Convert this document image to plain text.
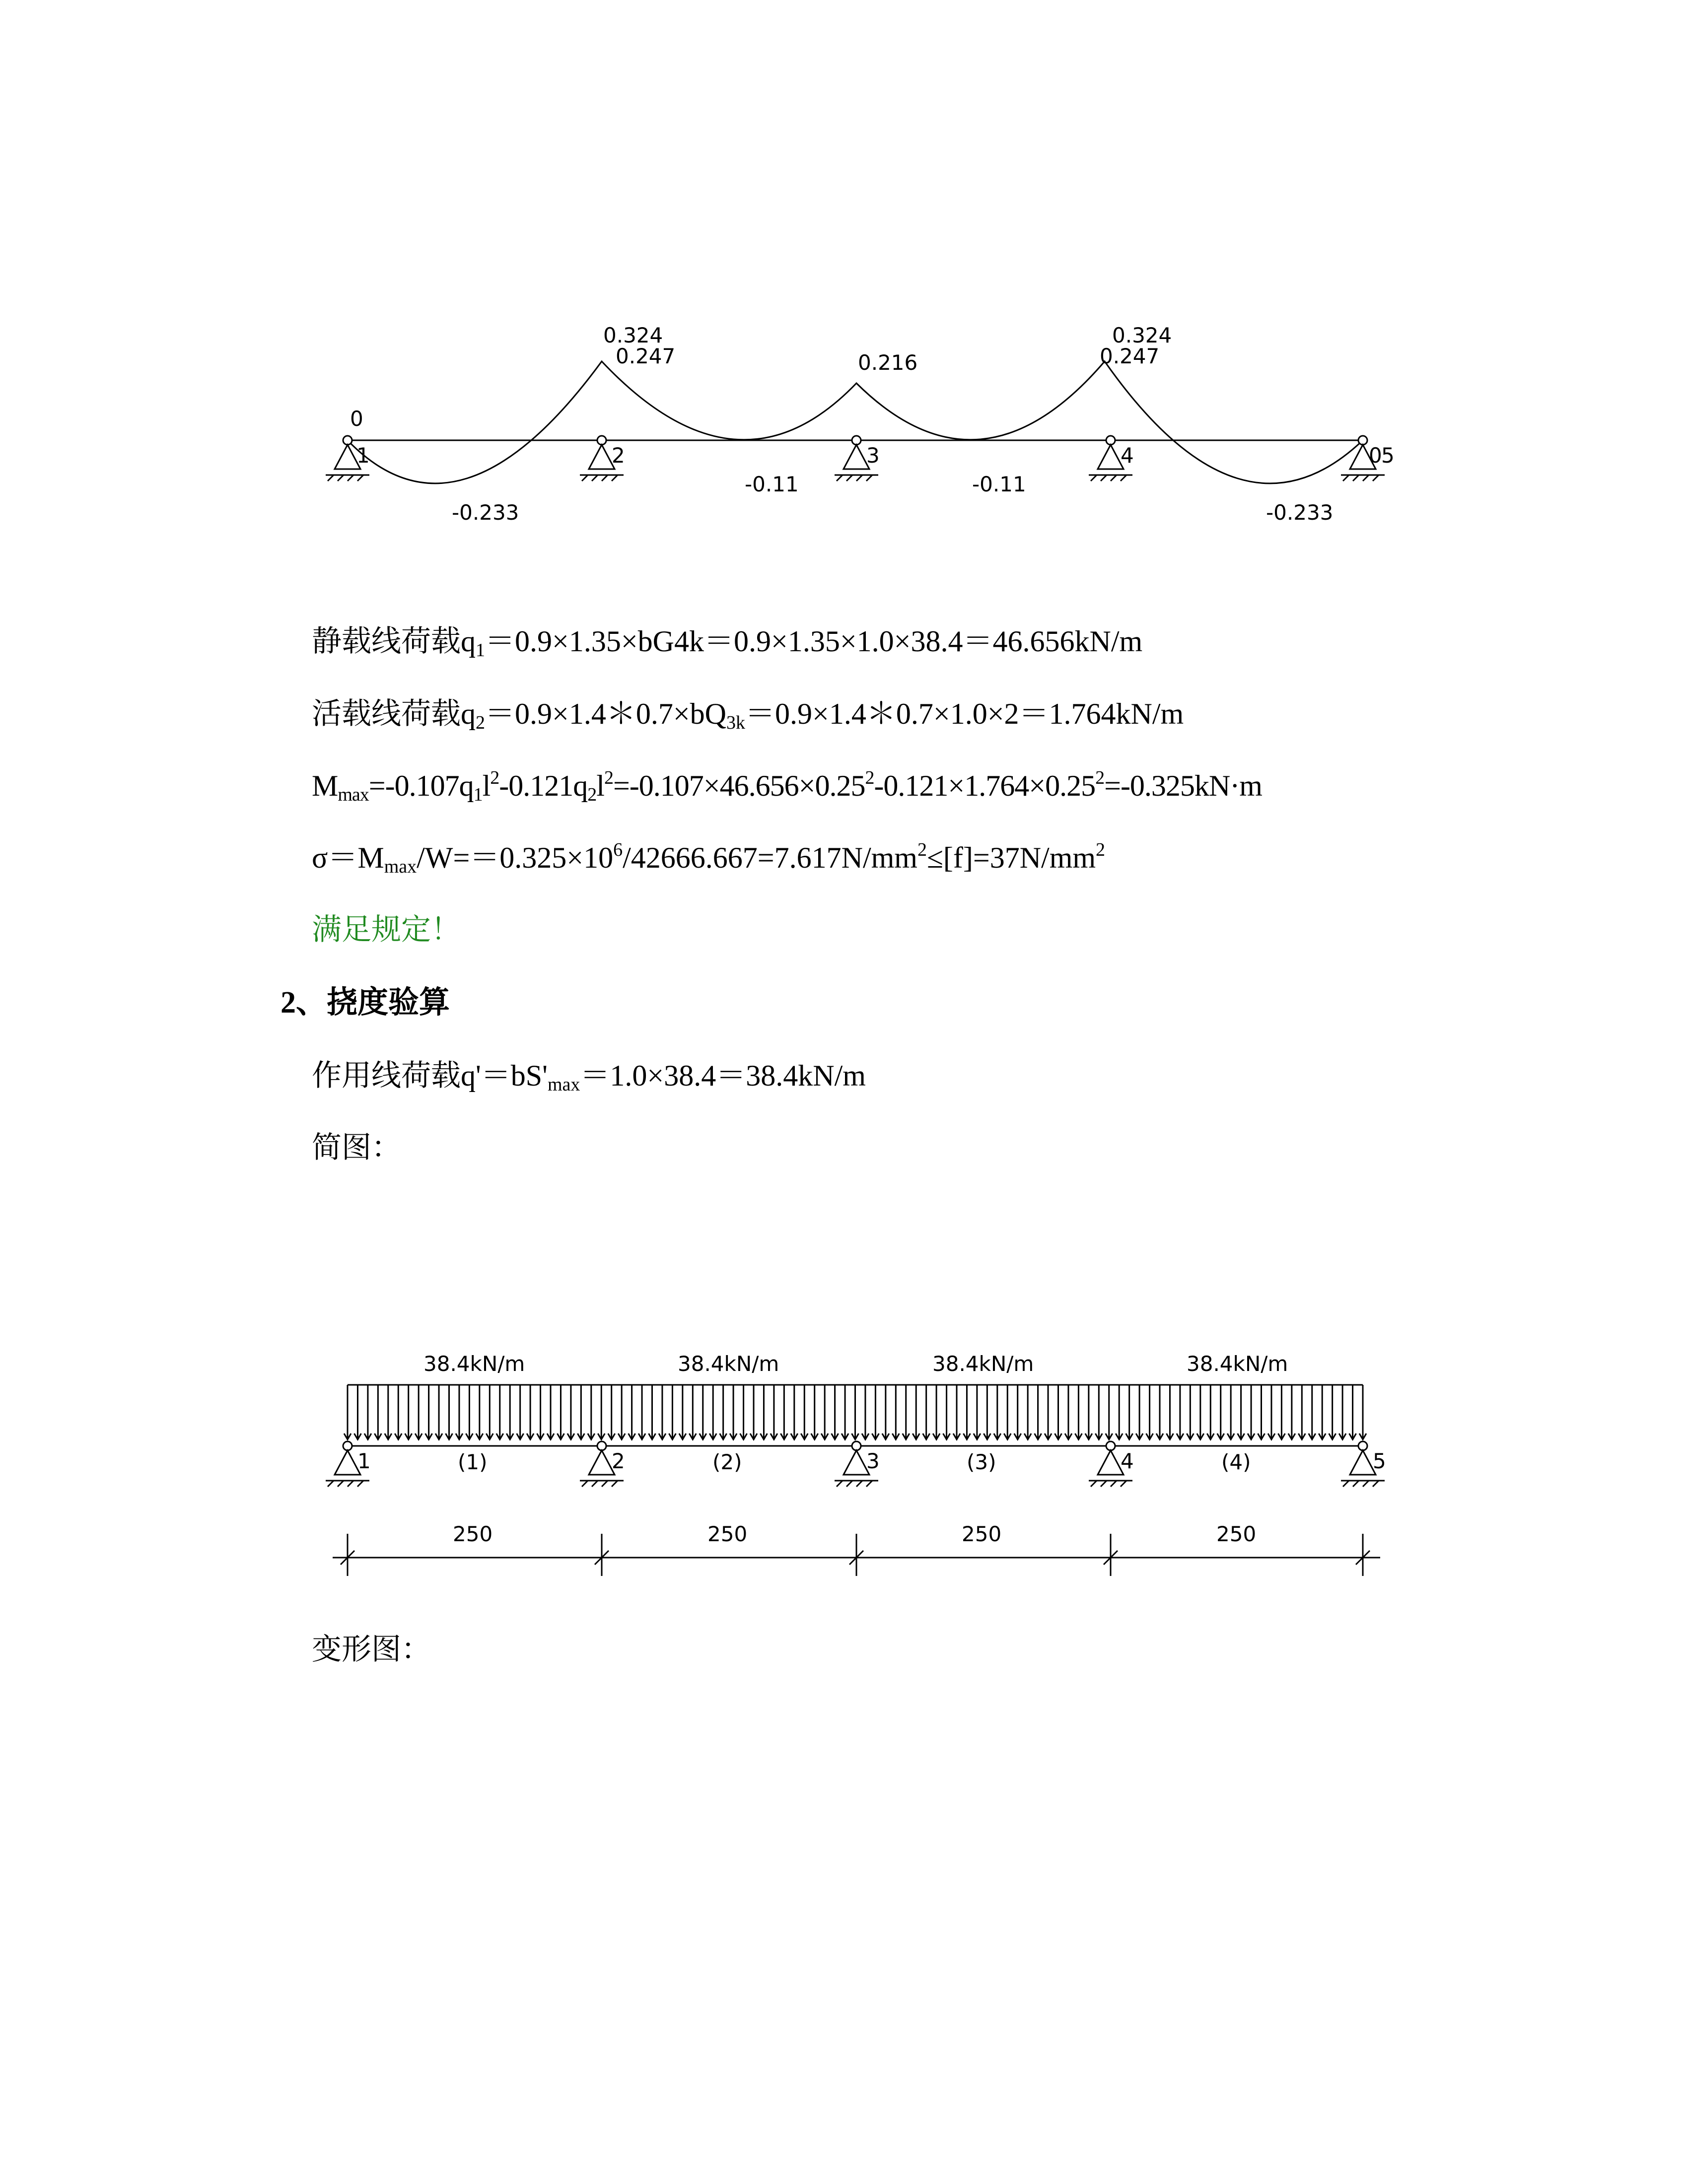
1	2	3	4	5
0
0
0.324
0.247	0.216
0.324
0.247
-0.233
-0.11	-0.11
-0.233
静载线荷载$q_1=0.9\times 1.35\times bG4k=0.9\times 1.35\times 1.0\times 38.4=46.656kN/m$
活载线荷载$q_2=0.9\times 1.4*0.7\times bQ_{3k}=0.9\times 1.4*0.7\times 1.0\times 2=1.764kN/m$
$M_{max}=-0.107q_1l^2-0.121q_2l^2=-0.107\times 46.656\times 0.25^2-0.121\times 1.764\times 0.25^2=-0.325kN\cdot m$
$\sigma=M_{max}/W==0.325\times 10^6/42666.667=7.617N/mm^2\le[f]=37N/mm^2$
满足规定！
2、挠度验算
作用线荷载$q'=bS'_{max}=1.0\times 38.4=38.4kN/m$
简图：
38.4kN/m	38.4kN/m	38.4kN/m	38.4kN/m
(1)	(2)	(3)	(4)
1	2	3	4	5
250	250	250	250
变形图：
